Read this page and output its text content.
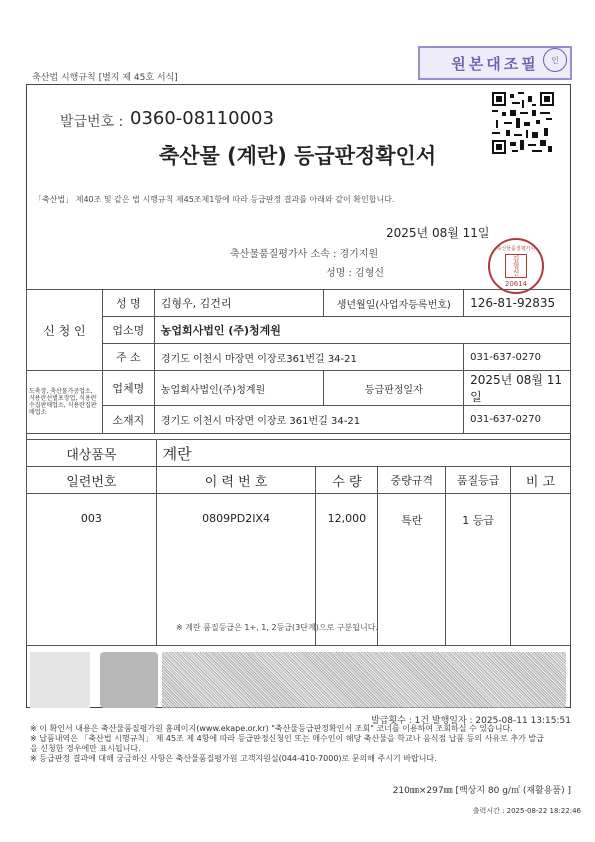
축산법 시행규칙 [별지 제 45호 서식]
원본대조필	인
발급번호 : 0360-08110003
축산물 (계란) 등급판정확인서
「축산법」 제40조 및 같은 법 시행규칙 제45조제1항에 따라 등급판정 결과를 아래와 같이 확인합니다.
2025년 08월 11일
축산물품질평가사 소속 : 경기지원
성명 : 김형신
축산물품질평가사
김형신
20614
신 청 인	성 명	김형우, 김건리	생년월일(사업자등록번호)	126-81-92835
	업소명	농업회사법인 (주)청계원		
	주 소	경기도 이천시 마장면 이장로361번길 34-21		031-637-0270
도축장, 축산물가공업소, 식용란선별포장업, 식용란수집판매업소, 식용란집판매업소	업체명	농업회사법인(주)청계원	등급판정일자	2025년 08월 11일
	소재지	경기도 이천시 마장면 이장로 361번길 34-21		031-637-0270
대상품목	계란				
일련번호	이 력 번 호	수 량	중량규격	품질등급	비 고
003	0809PD2IX4	12,000	특란	1 등급	
※ 계란 품질등급은 1+, 1, 2등급(3단계)으로 구분됩니다.
발급횟수 : 1건 발행일자 : 2025-08-11 13:15:51
※ 이 확인서 내용은 축산물품질평가원 홈페이지(www.ekape.or.kr) "축산물등급판정확인서 조회" 코너를 이용하여 조회하실 수 있습니다.
※ 납품내역은 「축산법 시행규칙」 제 45조 제 4항에 따라 등급판정신청인 또는 매수인이 해당 축산물을 학교나 음식점 납품 등의 사유로 추가 발급을 신청한 경우에만 표시됩니다.
※ 등급판정 결과에 대해 궁금하신 사항은 축산물품질평가원 고객지원실(044-410-7000)로 문의해 주시기 바랍니다.
210㎜×297㎜ [백상지 80 g/㎡ (재활용품) ]
출력시간 : 2025-08-22 18:22:46
